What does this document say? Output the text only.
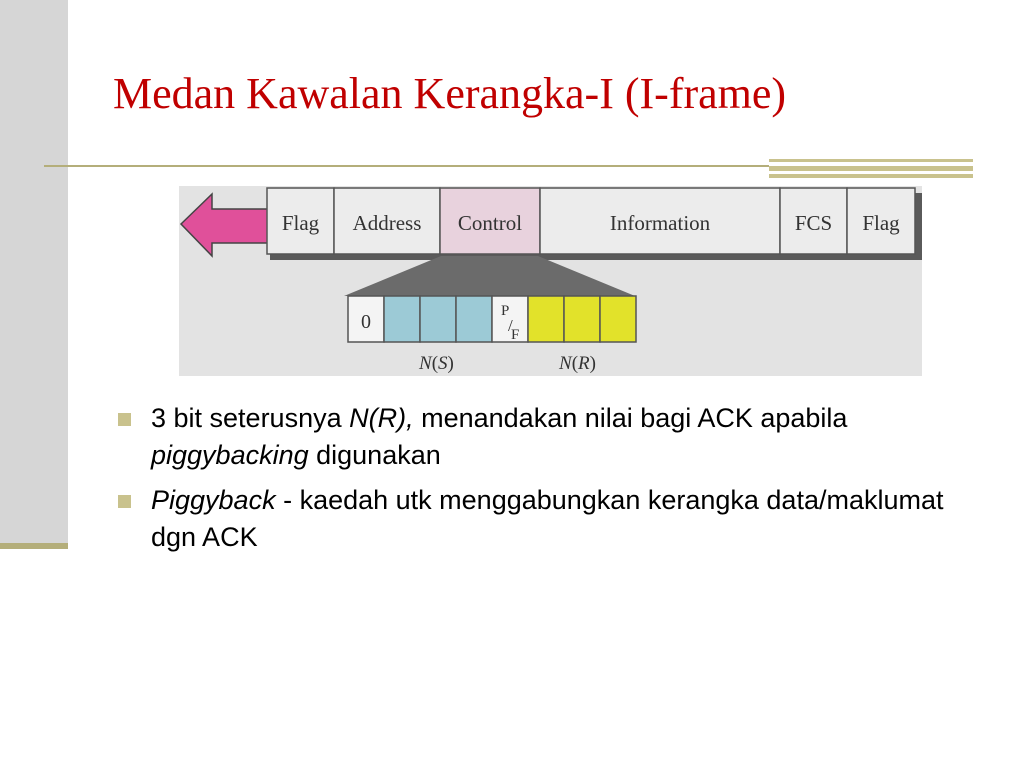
Medan Kawalan Kerangka-I (I-frame)
Flag Address Control	Information	FCS Flag
0	P
/
F
N(S)	N(R)
3 bit seterusnya N(R), menandakan nilai bagi ACK apabila piggybacking digunakan
Piggyback - kaedah utk menggabungkan kerangka data/maklumat dgn ACK
